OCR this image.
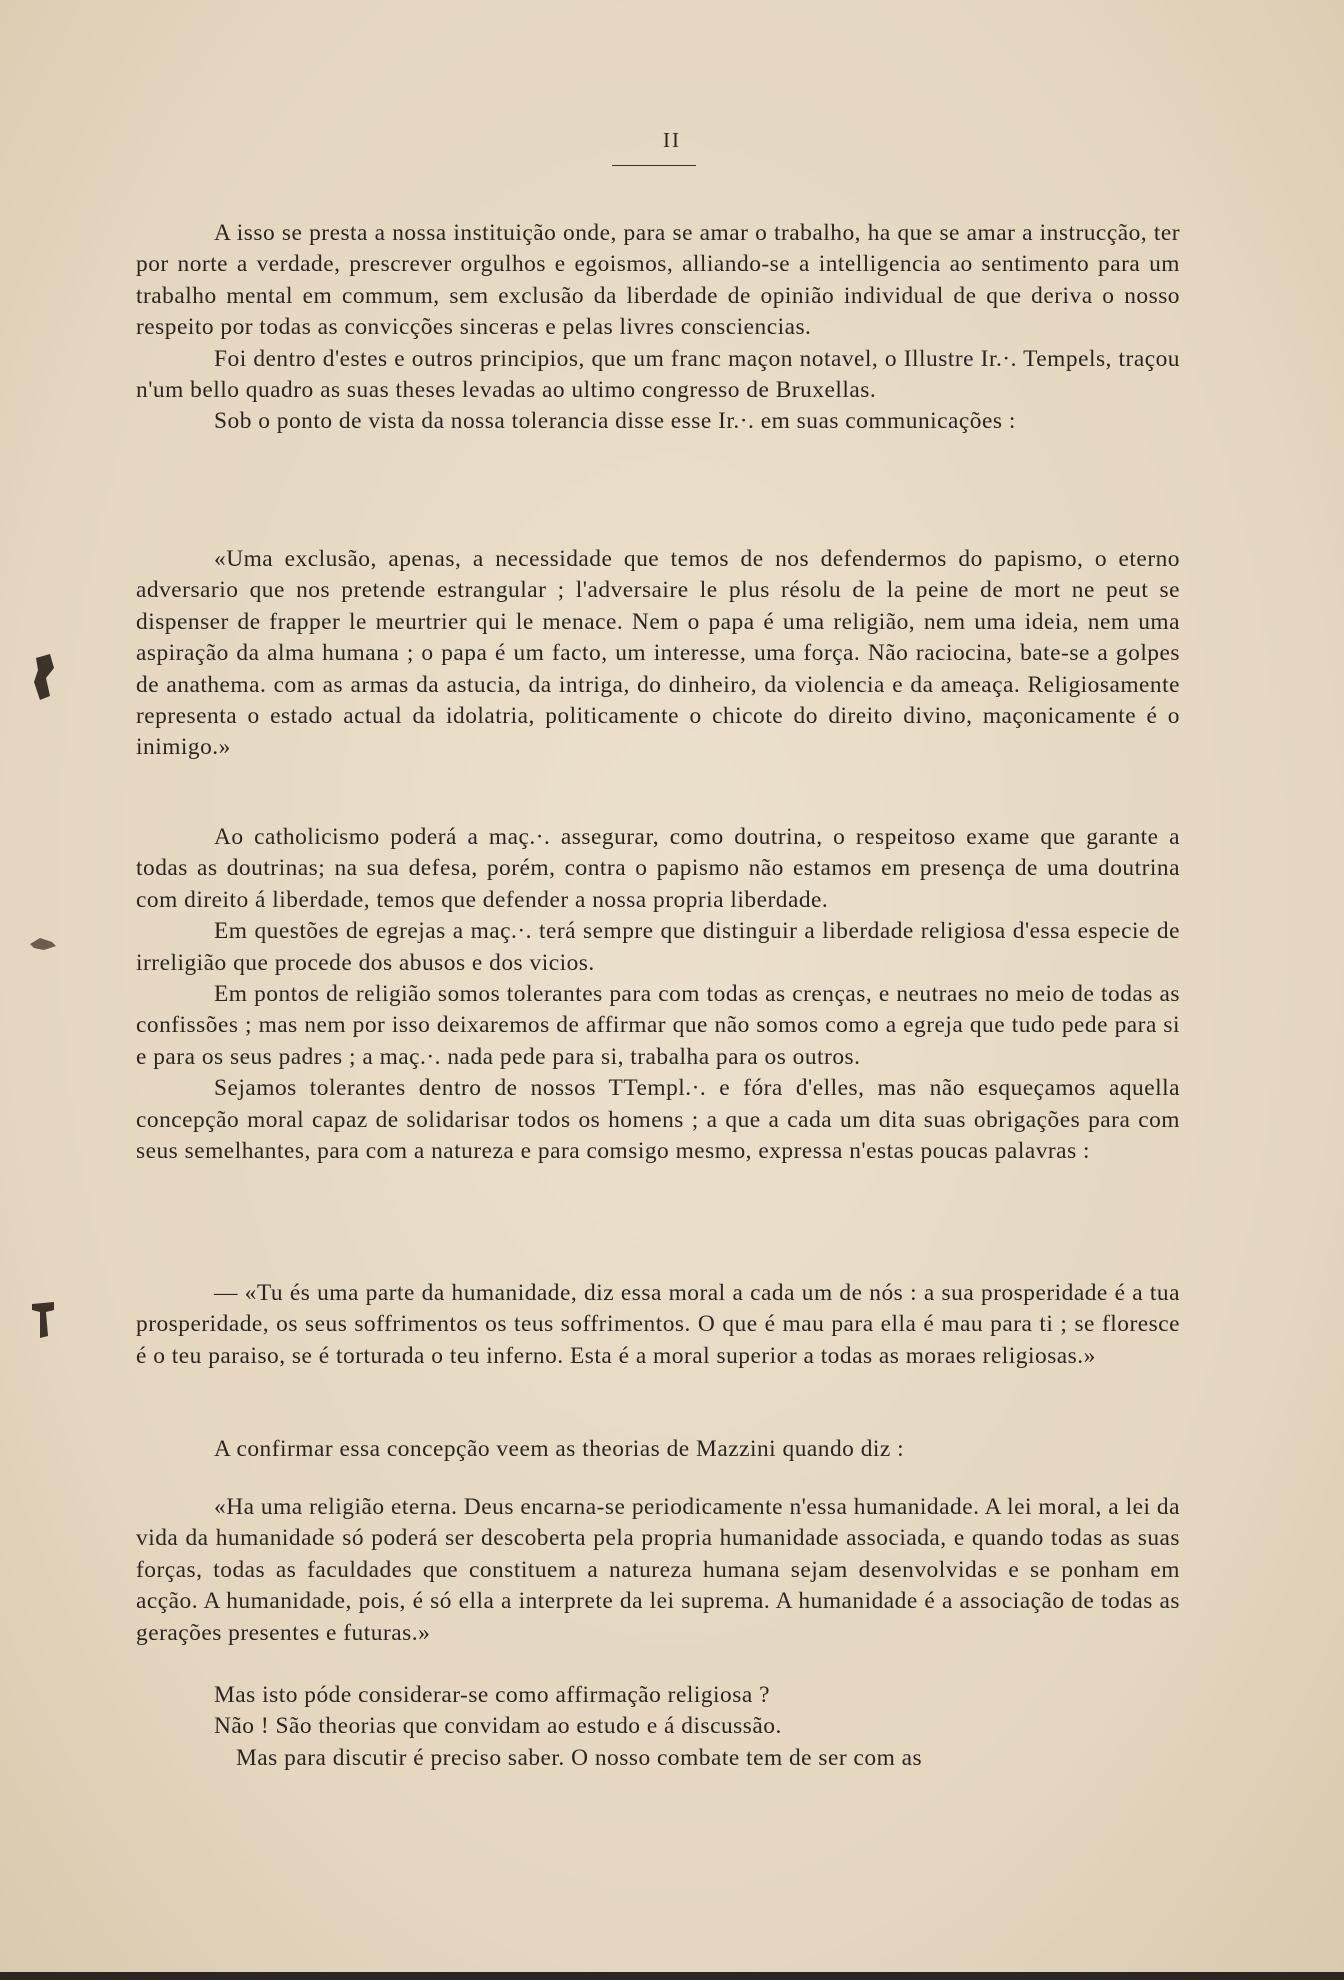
II

A isso se presta a nossa instituição onde, para se amar o trabalho, ha que se amar a instrucção, ter por norte a verdade, prescrever orgulhos e egoismos, alliando-se a intelligencia ao sentimento para um trabalho mental em commum, sem exclusão da liberdade de opinião individual de que deriva o nosso respeito por todas as convicções sinceras e pelas livres consciencias.

Foi dentro d'estes e outros principios, que um franc maçon notavel, o Illustre Ir.·. Tempels, traçou n'um bello quadro as suas theses levadas ao ultimo congresso de Bruxellas.

Sob o ponto de vista da nossa tolerancia disse esse Ir.·. em suas communicações :

«Uma exclusão, apenas, a necessidade que temos de nos defendermos do papismo, o eterno adversario que nos pretende estrangular ; l'adversaire le plus résolu de la peine de mort ne peut se dispenser de frapper le meurtrier qui le menace. Nem o papa é uma religião, nem uma ideia, nem uma aspiração da alma humana ; o papa é um facto, um interesse, uma força. Não raciocina, bate-se a golpes de anathema. com as armas da astucia, da intriga, do dinheiro, da violencia e da ameaça. Religiosamente representa o estado actual da idolatria, politicamente o chicote do direito divino, maçonicamente é o inimigo.»

Ao catholicismo poderá a maç.·. assegurar, como doutrina, o respeitoso exame que garante a todas as doutrinas; na sua defesa, porém, contra o papismo não estamos em presença de uma doutrina com direito á liberdade, temos que defender a nossa propria liberdade.

Em questões de egrejas a maç.·. terá sempre que distinguir a liberdade religiosa d'essa especie de irreligião que procede dos abusos e dos vicios.

Em pontos de religião somos tolerantes para com todas as crenças, e neutraes no meio de todas as confissões ; mas nem por isso deixaremos de affirmar que não somos como a egreja que tudo pede para si e para os seus padres ; a maç.·. nada pede para si, trabalha para os outros.

Sejamos tolerantes dentro de nossos TTempl.·. e fóra d'elles, mas não esqueçamos aquella concepção moral capaz de solidarisar todos os homens ; a que a cada um dita suas obrigações para com seus semelhantes, para com a natureza e para comsigo mesmo, expressa n'estas poucas palavras :

— «Tu és uma parte da humanidade, diz essa moral a cada um de nós : a sua prosperidade é a tua prosperidade, os seus soffrimentos os teus soffrimentos. O que é mau para ella é mau para ti ; se floresce é o teu paraiso, se é torturada o teu inferno. Esta é a moral superior a todas as moraes religiosas.»

A confirmar essa concepção veem as theorias de Mazzini quando diz :

«Ha uma religião eterna. Deus encarna-se periodicamente n'essa humanidade. A lei moral, a lei da vida da humanidade só poderá ser descoberta pela propria humanidade associada, e quando todas as suas forças, todas as faculdades que constituem a natureza humana sejam desenvolvidas e se ponham em acção. A humanidade, pois, é só ella a interprete da lei suprema. A humanidade é a associação de todas as gerações presentes e futuras.»

Mas isto póde considerar-se como affirmação religiosa ?

Não ! São theorias que convidam ao estudo e á discussão.

Mas para discutir é preciso saber. O nosso combate tem de ser com as
